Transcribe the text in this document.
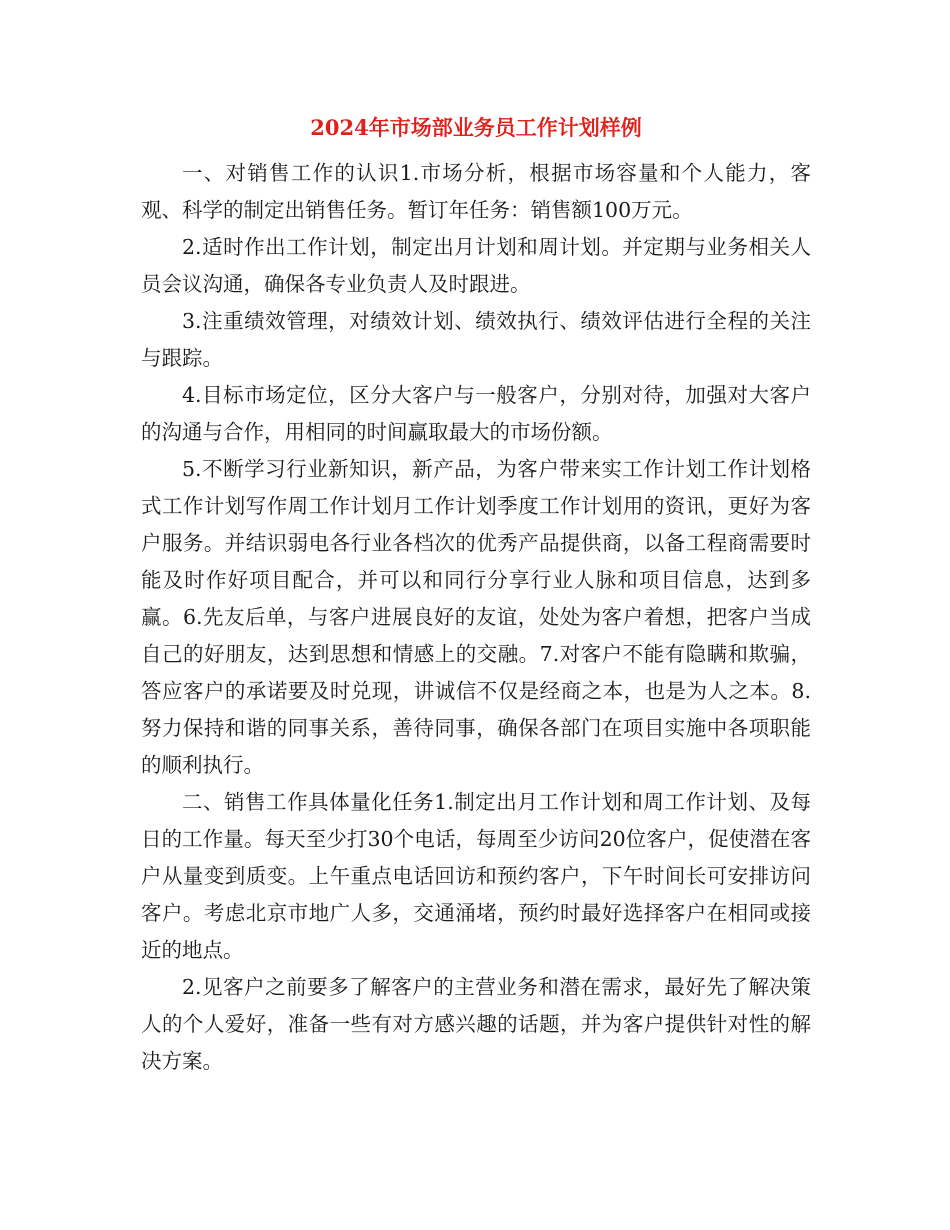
2024年市场部业务员工作计划样例

一、对销售工作的认识1.市场分析，根据市场容量和个人能力，客观、科学的制定出销售任务。暂订年任务：销售额100万元。

2.适时作出工作计划，制定出月计划和周计划。并定期与业务相关人员会议沟通，确保各专业负责人及时跟进。

3.注重绩效管理，对绩效计划、绩效执行、绩效评估进行全程的关注与跟踪。

4.目标市场定位，区分大客户与一般客户，分别对待，加强对大客户的沟通与合作，用相同的时间赢取最大的市场份额。

5.不断学习行业新知识，新产品，为客户带来实工作计划工作计划格式工作计划写作周工作计划月工作计划季度工作计划用的资讯，更好为客户服务。并结识弱电各行业各档次的优秀产品提供商，以备工程商需要时能及时作好项目配合，并可以和同行分享行业人脉和项目信息，达到多赢。6.先友后单，与客户进展良好的友谊，处处为客户着想，把客户当成自己的好朋友，达到思想和情感上的交融。7.对客户不能有隐瞒和欺骗，答应客户的承诺要及时兑现，讲诚信不仅是经商之本，也是为人之本。8.努力保持和谐的同事关系，善待同事，确保各部门在项目实施中各项职能的顺利执行。

二、销售工作具体量化任务1.制定出月工作计划和周工作计划、及每日的工作量。每天至少打30个电话，每周至少访问20位客户，促使潜在客户从量变到质变。上午重点电话回访和预约客户，下午时间长可安排访问客户。考虑北京市地广人多，交通涌堵，预约时最好选择客户在相同或接近的地点。

2.见客户之前要多了解客户的主营业务和潜在需求，最好先了解决策人的个人爱好，准备一些有对方感兴趣的话题，并为客户提供针对性的解决方案。
